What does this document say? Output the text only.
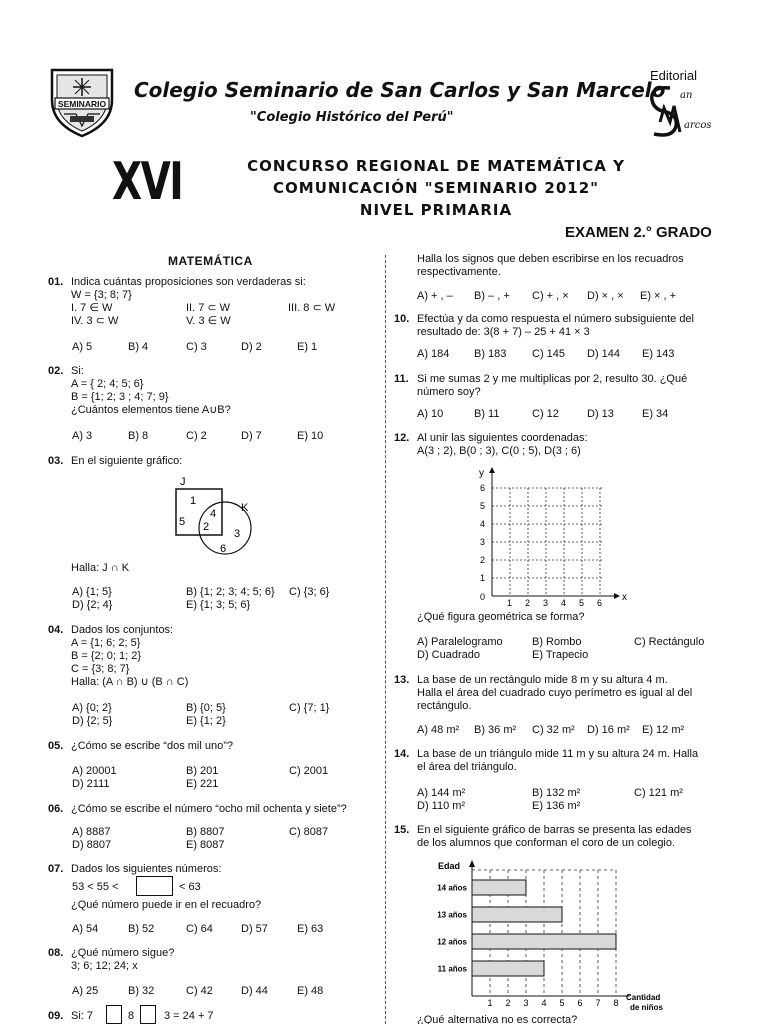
SEMINARIO
Colegio Seminario de San Carlos y San Marcelo
"Colegio Histórico del Perú"
Editorial
an
arcos
XVI	CONCURSO REGIONAL DE MATEMÁTICA Y
COMUNICACIÓN "SEMINARIO 2012"
NIVEL PRIMARIA
EXAMEN 2.° GRADO
MATEMÁTICA
01. Indica cuántas proposiciones son verdaderas si:
W = {3; 8; 7}
I. 7 ∈ W	II. 7 ⊂ W	III. 8 ⊂ W
IV. 3 ⊂ W	V. 3 ∈ W
A) 5	B) 4	C) 3	D) 2	E) 1
02. Si:
A = { 2; 4; 5; 6}
B = {1; 2; 3 ; 4; 7; 9}
¿Cuántos elementos tiene A∪B?
A) 3	B) 8	C) 2	D) 7	E) 10
03. En el siguiente gráfico:
J
K
1
5
4
2
3
6
Halla: J ∩ K
A) {1; 5}	B) {1; 2; 3; 4; 5; 6} C) {3; 6}
D) {2; 4}	E) {1; 3; 5; 6}
04. Dados los conjuntos:
A = {1; 6; 2; 5}
B = {2; 0; 1; 2}
C = {3; 8; 7}
Halla: (A ∩ B) ∪ (B ∩ C)
A) {0; 2}	B) {0; 5}	C) {7; 1}
D) {2; 5}	E) {1; 2}
05. ¿Cómo se escribe “dos mil uno”?
A) 20001	B) 201	C) 2001
D) 2111	E) 221
06. ¿Cómo se escribe el número “ocho mil ochenta y siete”?
A) 8887	B) 8807	C) 8087
D) 8807	E) 8087
07. Dados los siguientes números:
53 < 55 <	< 63
¿Qué número puede ir en el recuadro?
A) 54	B) 52	C) 64	D) 57	E) 63
08. ¿Qué número sigue?
3; 6; 12; 24; x
A) 25	B) 32	C) 42	D) 44	E) 48
09. Si: 7	8	3 = 24 + 7
Halla los signos que deben escribirse en los recuadros
respectivamente.
A) + , – B) – , + C) + , × D) × , × E) × , +
10. Efectúa y da como respuesta el número subsiguiente del
resultado de: 3(8 + 7) – 25 + 41 × 3
A) 184 B) 183 C) 145 D) 144 E) 143
11. Si me sumas 2 y me multiplicas por 2, resulto 30. ¿Qué
número soy?
A) 10	B) 11	C) 12	D) 13	E) 34
12. Al unir las siguientes coordenadas:
A(3 ; 2), B(0 ; 3), C(0 ; 5), D(3 ; 6)
y
x
0
1 2 3 4 5 6
1
2
3
4
5
6
¿Qué figura geométrica se forma?
A) Paralelogramo	B) Rombo	C) Rectángulo
D) Cuadrado	E) Trapecio
13. La base de un rectángulo mide 8 m y su altura 4 m.
Halla el área del cuadrado cuyo perímetro es igual al del
rectángulo.
A) 48 m² B) 36 m² C) 32 m² D) 16 m² E) 12 m²
14. La base de un triángulo mide 11 m y su altura 24 m. Halla
el área del triángulo.
A) 144 m²	B) 132 m²	C) 121 m²
D) 110 m²	E) 136 m²
15. En el siguiente gráfico de barras se presenta las edades
de los alumnos que conforman el coro de un colegio.
Edad
Cantidad
de niños
14 años
13 años
12 años
11 años
1 2 3 4 5 6 7 8
¿Qué alternativa no es correcta?
